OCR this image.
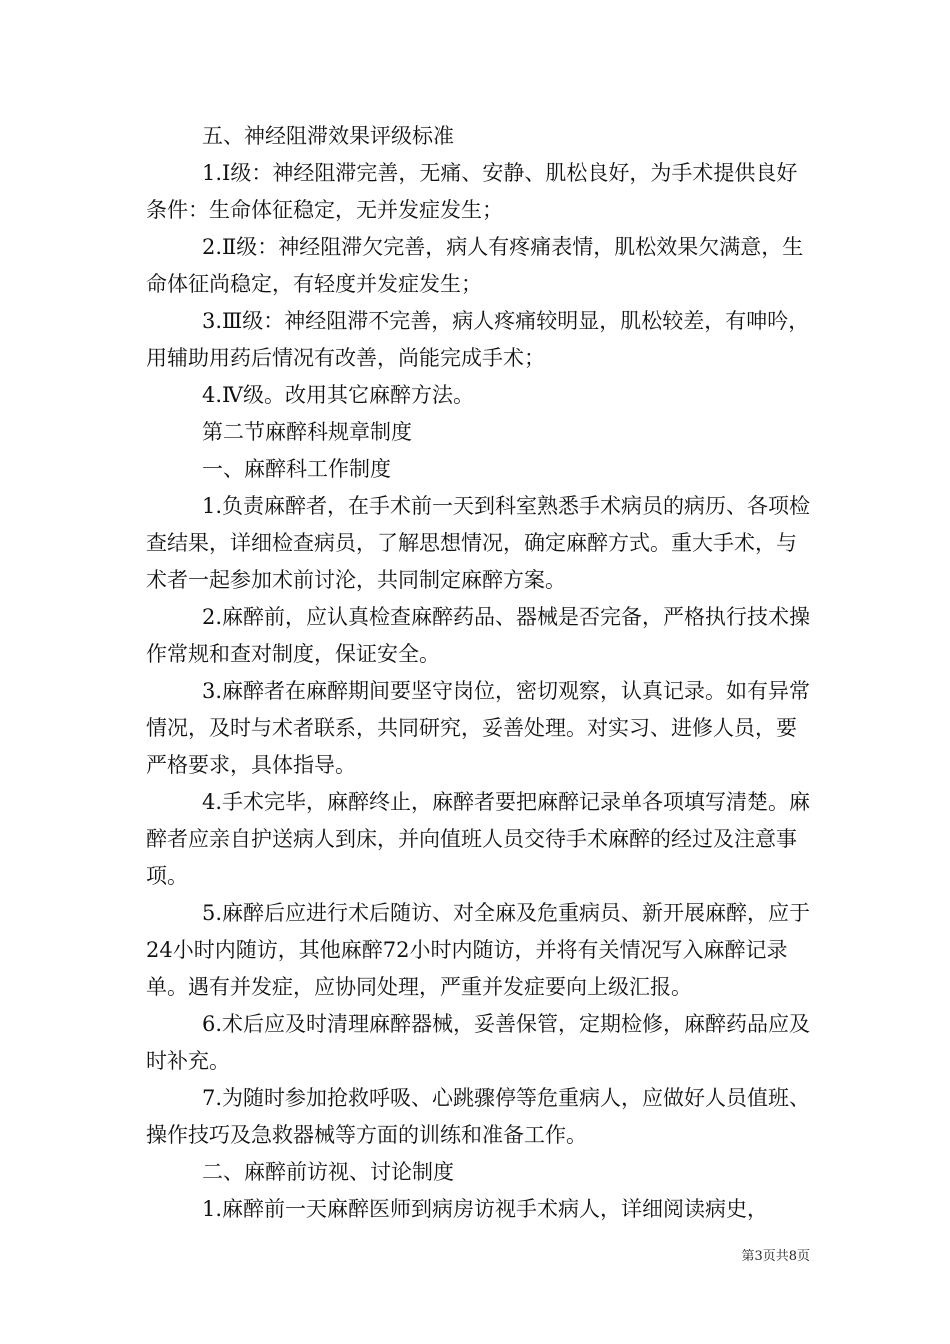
五、神经阻滞效果评级标准

1.Ⅰ级：神经阻滞完善，无痛、安静、肌松良好，为手术提供良好条件：生命体征稳定，无并发症发生；

2.Ⅱ级：神经阻滞欠完善，病人有疼痛表情，肌松效果欠满意，生命体征尚稳定，有轻度并发症发生；

3.Ⅲ级：神经阻滞不完善，病人疼痛较明显，肌松较差，有呻吟，用辅助用药后情况有改善，尚能完成手术；

4.Ⅳ级。改用其它麻醉方法。

第二节麻醉科规章制度

一、麻醉科工作制度

1.负责麻醉者，在手术前一天到科室熟悉手术病员的病历、各项检查结果，详细检查病员，了解思想情况，确定麻醉方式。重大手术，与术者一起参加术前讨沦，共同制定麻醉方案。

2.麻醉前，应认真检查麻醉药品、器械是否完备，严格执行技术操作常规和查对制度，保证安全。

3.麻醉者在麻醉期间要坚守岗位，密切观察，认真记录。如有异常情况，及时与术者联系，共同研究，妥善处理。对实习、进修人员，要严格要求，具体指导。

4.手术完毕，麻醉终止，麻醉者要把麻醉记录单各项填写清楚。麻醉者应亲自护送病人到床，并向值班人员交待手术麻醉的经过及注意事项。

5.麻醉后应进行术后随访、对全麻及危重病员、新开展麻醉，应于24小时内随访，其他麻醉72小时内随访，并将有关情况写入麻醉记录单。遇有并发症，应协同处理，严重并发症要向上级汇报。

6.术后应及时清理麻醉器械，妥善保管，定期检修，麻醉药品应及时补充。

7.为随时参加抢救呼吸、心跳骤停等危重病人，应做好人员值班、操作技巧及急救器械等方面的训练和准备工作。

二、麻醉前访视、讨论制度

1.麻醉前一天麻醉医师到病房访视手术病人，详细阅读病史，

第3页共8页
